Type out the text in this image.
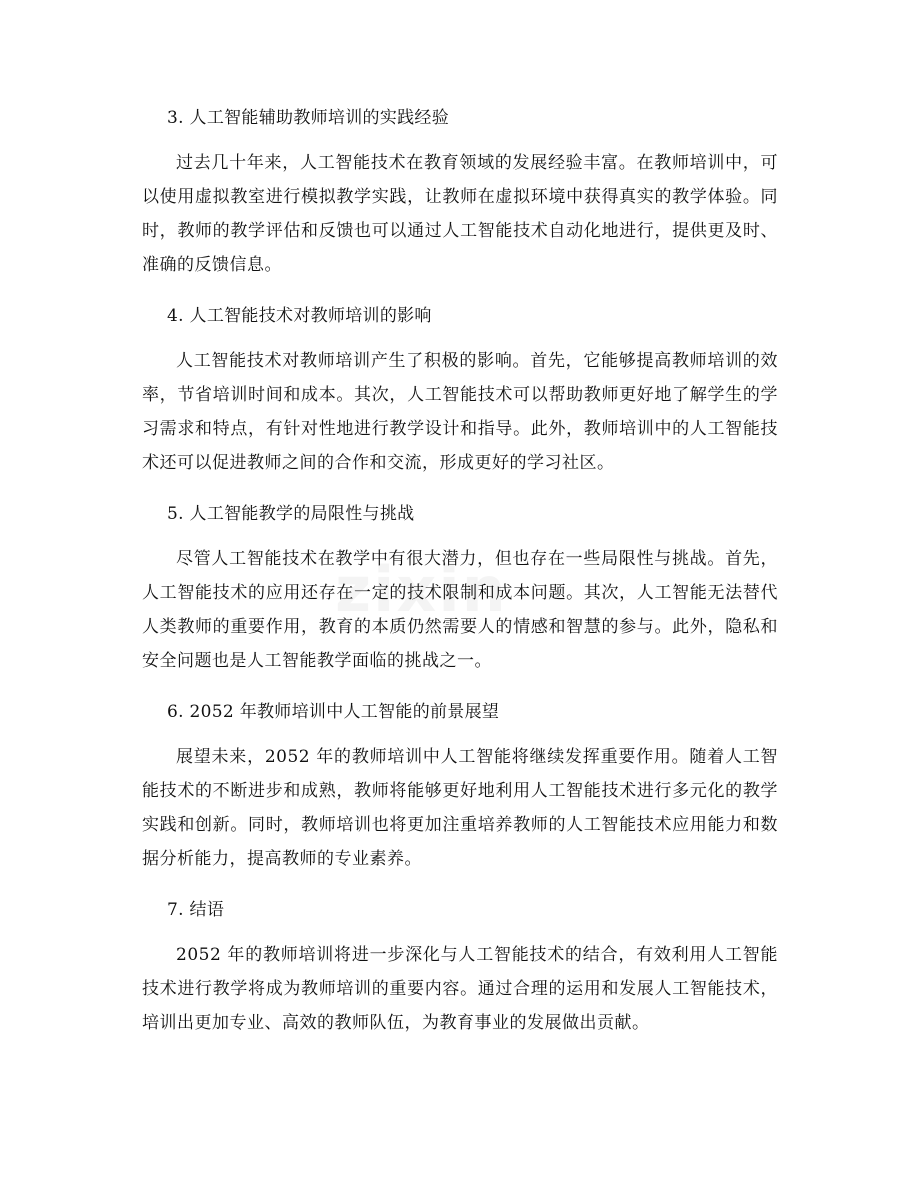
3. 人工智能辅助教师培训的实践经验

过去几十年来，人工智能技术在教育领域的发展经验丰富。在教师培训中，可以使用虚拟教室进行模拟教学实践，让教师在虚拟环境中获得真实的教学体验。同时，教师的教学评估和反馈也可以通过人工智能技术自动化地进行，提供更及时、准确的反馈信息。

4. 人工智能技术对教师培训的影响

人工智能技术对教师培训产生了积极的影响。首先，它能够提高教师培训的效率，节省培训时间和成本。其次，人工智能技术可以帮助教师更好地了解学生的学习需求和特点，有针对性地进行教学设计和指导。此外，教师培训中的人工智能技术还可以促进教师之间的合作和交流，形成更好的学习社区。

5. 人工智能教学的局限性与挑战

尽管人工智能技术在教学中有很大潜力，但也存在一些局限性与挑战。首先，人工智能技术的应用还存在一定的技术限制和成本问题。其次，人工智能无法替代人类教师的重要作用，教育的本质仍然需要人的情感和智慧的参与。此外，隐私和安全问题也是人工智能教学面临的挑战之一。

6. 2052 年教师培训中人工智能的前景展望

展望未来，2052 年的教师培训中人工智能将继续发挥重要作用。随着人工智能技术的不断进步和成熟，教师将能够更好地利用人工智能技术进行多元化的教学实践和创新。同时，教师培训也将更加注重培养教师的人工智能技术应用能力和数据分析能力，提高教师的专业素养。

7. 结语

2052 年的教师培训将进一步深化与人工智能技术的结合，有效利用人工智能技术进行教学将成为教师培训的重要内容。通过合理的运用和发展人工智能技术，培训出更加专业、高效的教师队伍，为教育事业的发展做出贡献。
